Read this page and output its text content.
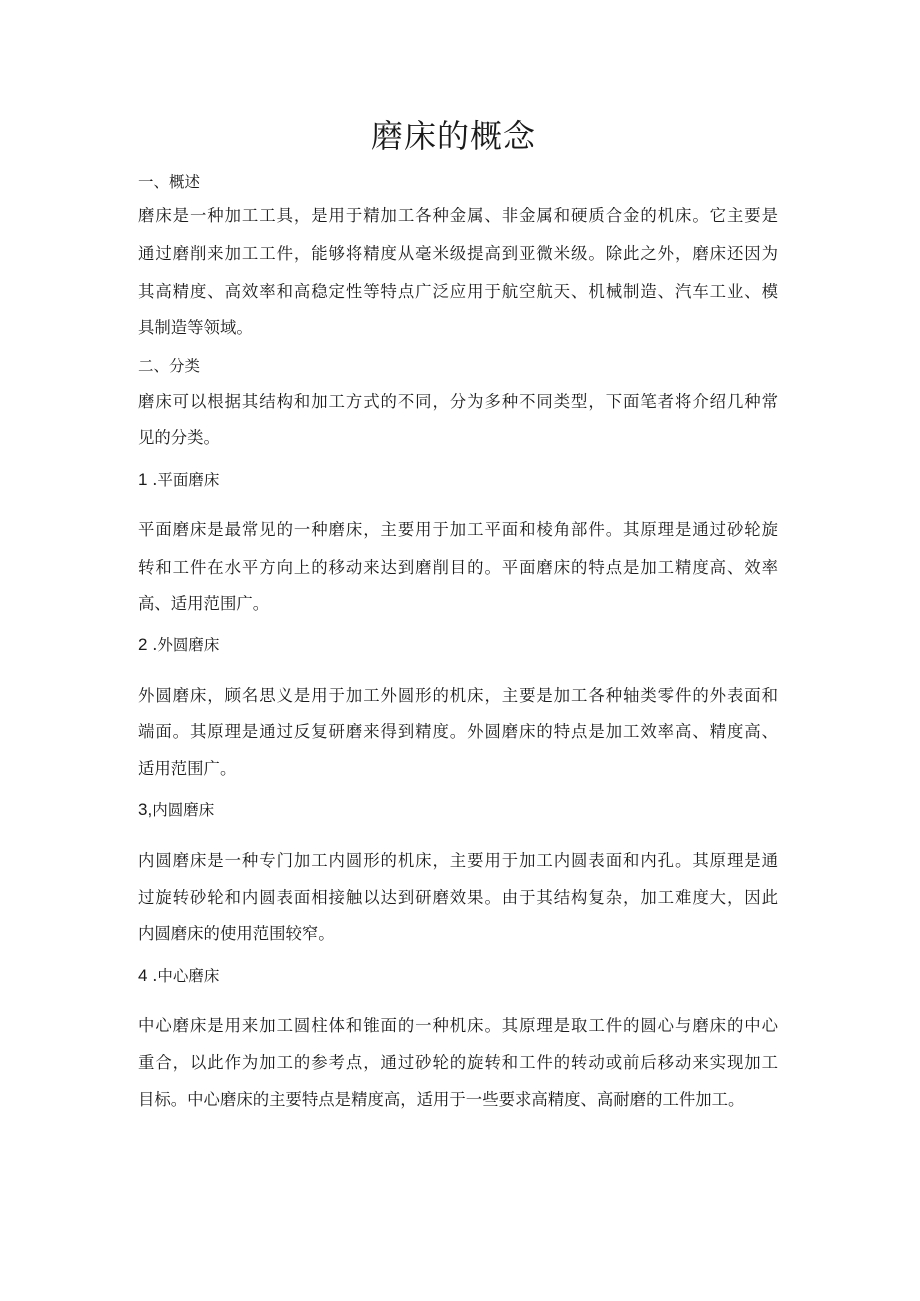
磨床的概念

一、概述

磨床是一种加工工具，是用于精加工各种金属、非金属和硬质合金的机床。它主要是

通过磨削来加工工件，能够将精度从毫米级提高到亚微米级。除此之外，磨床还因为

其高精度、高效率和高稳定性等特点广泛应用于航空航天、机械制造、汽车工业、模

具制造等领域。

二、分类

磨床可以根据其结构和加工方式的不同，分为多种不同类型，下面笔者将介绍几种常

见的分类。

1 .平面磨床

平面磨床是最常见的一种磨床，主要用于加工平面和棱角部件。其原理是通过砂轮旋

转和工件在水平方向上的移动来达到磨削目的。平面磨床的特点是加工精度高、效率

高、适用范围广。

2 .外圆磨床

外圆磨床，顾名思义是用于加工外圆形的机床，主要是加工各种轴类零件的外表面和

端面。其原理是通过反复研磨来得到精度。外圆磨床的特点是加工效率高、精度高、

适用范围广。

3,内圆磨床

内圆磨床是一种专门加工内圆形的机床，主要用于加工内圆表面和内孔。其原理是通

过旋转砂轮和内圆表面相接触以达到研磨效果。由于其结构复杂，加工难度大，因此

内圆磨床的使用范围较窄。

4 .中心磨床

中心磨床是用来加工圆柱体和锥面的一种机床。其原理是取工件的圆心与磨床的中心

重合，以此作为加工的参考点，通过砂轮的旋转和工件的转动或前后移动来实现加工

目标。中心磨床的主要特点是精度高，适用于一些要求高精度、高耐磨的工件加工。
